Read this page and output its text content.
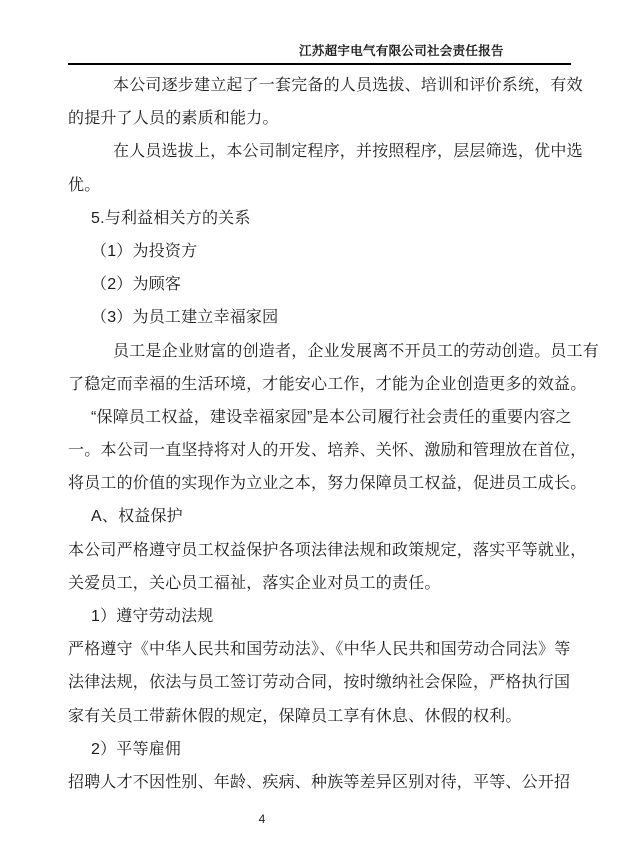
江苏超宇电气有限公司社会责任报告
本公司逐步建立起了一套完备的人员选拔、培训和评价系统，有效
的提升了人员的素质和能力。
在人员选拔上，本公司制定程序，并按照程序，层层筛选，优中选
优。
5.与利益相关方的关系
（1）为投资方
（2）为顾客
（3）为员工建立幸福家园
员工是企业财富的创造者，企业发展离不开员工的劳动创造。员工有
了稳定而幸福的生活环境，才能安心工作，才能为企业创造更多的效益。
“保障员工权益，建设幸福家园”是本公司履行社会责任的重要内容之
一。本公司一直坚持将对人的开发、培养、关怀、激励和管理放在首位，
将员工的价值的实现作为立业之本，努力保障员工权益，促进员工成长。
A、权益保护
本公司严格遵守员工权益保护各项法律法规和政策规定，落实平等就业，
关爱员工，关心员工福祉，落实企业对员工的责任。
1）遵守劳动法规
严格遵守《中华人民共和国劳动法》、《中华人民共和国劳动合同法》等
法律法规，依法与员工签订劳动合同，按时缴纳社会保险，严格执行国
家有关员工带薪休假的规定，保障员工享有休息、休假的权利。
2）平等雇佣
招聘人才不因性别、年龄、疾病、种族等差异区别对待，平等、公开招
4
